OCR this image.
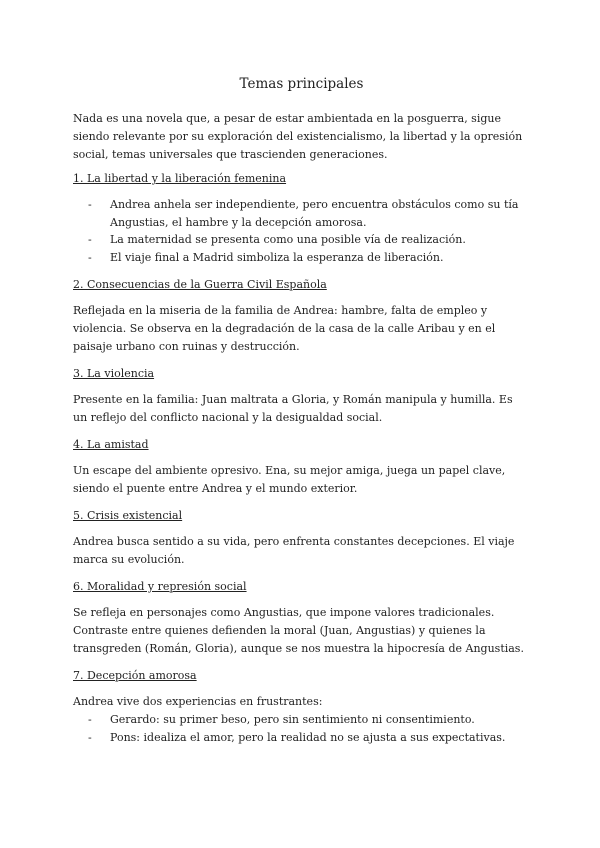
Temas principales

Nada es una novela que, a pesar de estar ambientada en la posguerra, sigue siendo relevante por su exploración del existencialismo, la libertad y la opresión social, temas universales que trascienden generaciones.

1. La libertad y la liberación femenina
- Andrea anhela ser independiente, pero encuentra obstáculos como su tía Angustias, el hambre y la decepción amorosa.
- La maternidad se presenta como una posible vía de realización.
- El viaje final a Madrid simboliza la esperanza de liberación.
2. Consecuencias de la Guerra Civil Española

Reflejada en la miseria de la familia de Andrea: hambre, falta de empleo y violencia. Se observa en la degradación de la casa de la calle Aribau y en el paisaje urbano con ruinas y destrucción.

3. La violencia

Presente en la familia: Juan maltrata a Gloria, y Román manipula y humilla. Es un reflejo del conflicto nacional y la desigualdad social.

4. La amistad

Un escape del ambiente opresivo. Ena, su mejor amiga, juega un papel clave, siendo el puente entre Andrea y el mundo exterior.

5. Crisis existencial

Andrea busca sentido a su vida, pero enfrenta constantes decepciones. El viaje marca su evolución.

6. Moralidad y represión social

Se refleja en personajes como Angustias, que impone valores tradicionales. Contraste entre quienes defienden la moral (Juan, Angustias) y quienes la transgreden (Román, Gloria), aunque se nos muestra la hipocresía de Angustias.

7. Decepción amorosa

Andrea vive dos experiencias en frustrantes:

- Gerardo: su primer beso, pero sin sentimiento ni consentimiento.
- Pons: idealiza el amor, pero la realidad no se ajusta a sus expectativas.
